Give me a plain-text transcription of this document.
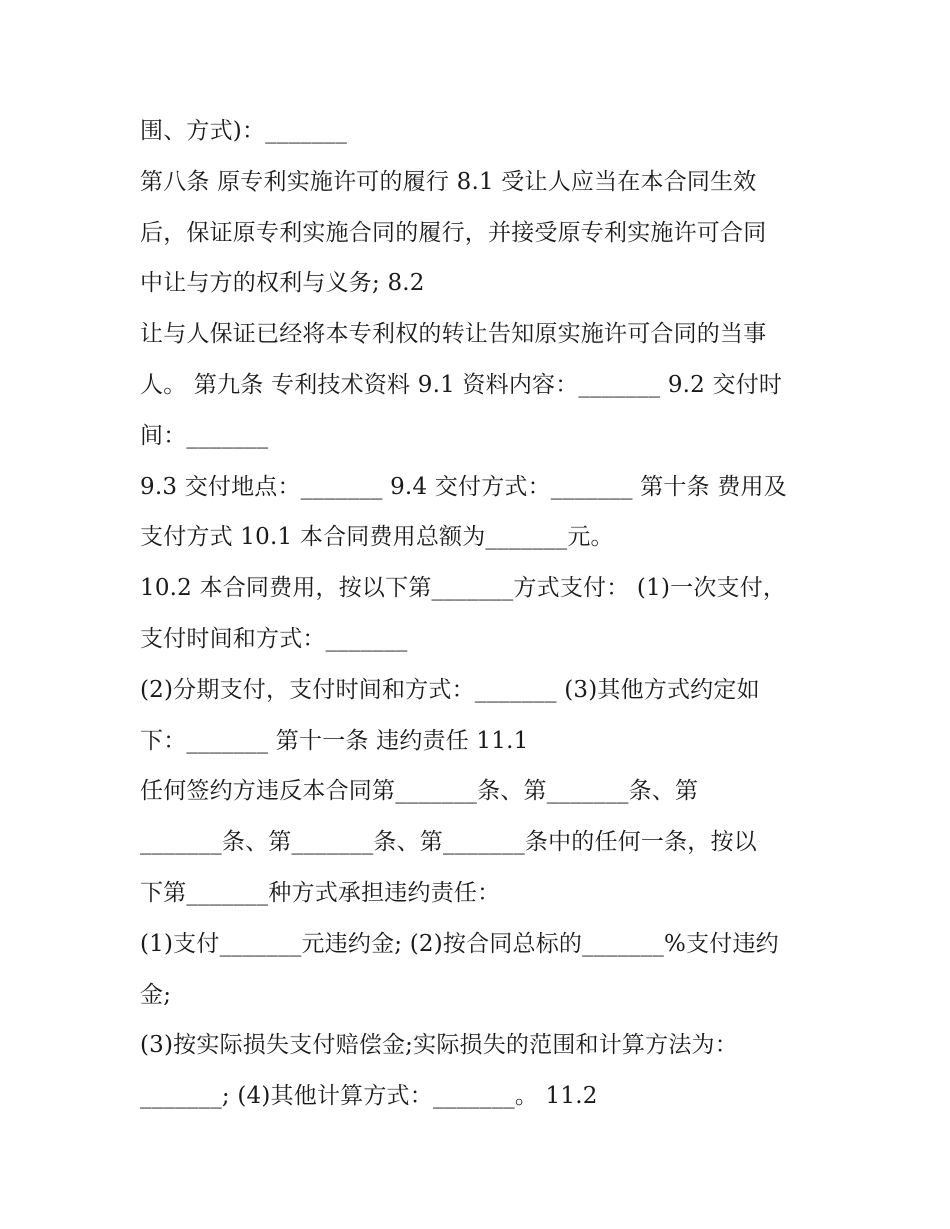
围、方式)：_______
第八条 原专利实施许可的履行 8.1 受让人应当在本合同生效
后，保证原专利实施合同的履行，并接受原专利实施许可合同
中让与方的权利与义务; 8.2
让与人保证已经将本专利权的转让告知原实施许可合同的当事
人。 第九条 专利技术资料 9.1 资料内容：_______ 9.2 交付时
间：_______
9.3 交付地点：_______ 9.4 交付方式：_______ 第十条 费用及
支付方式 10.1 本合同费用总额为_______元。
10.2 本合同费用，按以下第_______方式支付： (1)一次支付，
支付时间和方式：_______
(2)分期支付，支付时间和方式：_______ (3)其他方式约定如
下：_______ 第十一条 违约责任 11.1
任何签约方违反本合同第_______条、第_______条、第
_______条、第_______条、第_______条中的任何一条，按以
下第_______种方式承担违约责任：
(1)支付_______元违约金; (2)按合同总标的_______%支付违约
金;
(3)按实际损失支付赔偿金;实际损失的范围和计算方法为：
_______; (4)其他计算方式：_______。 11.2
